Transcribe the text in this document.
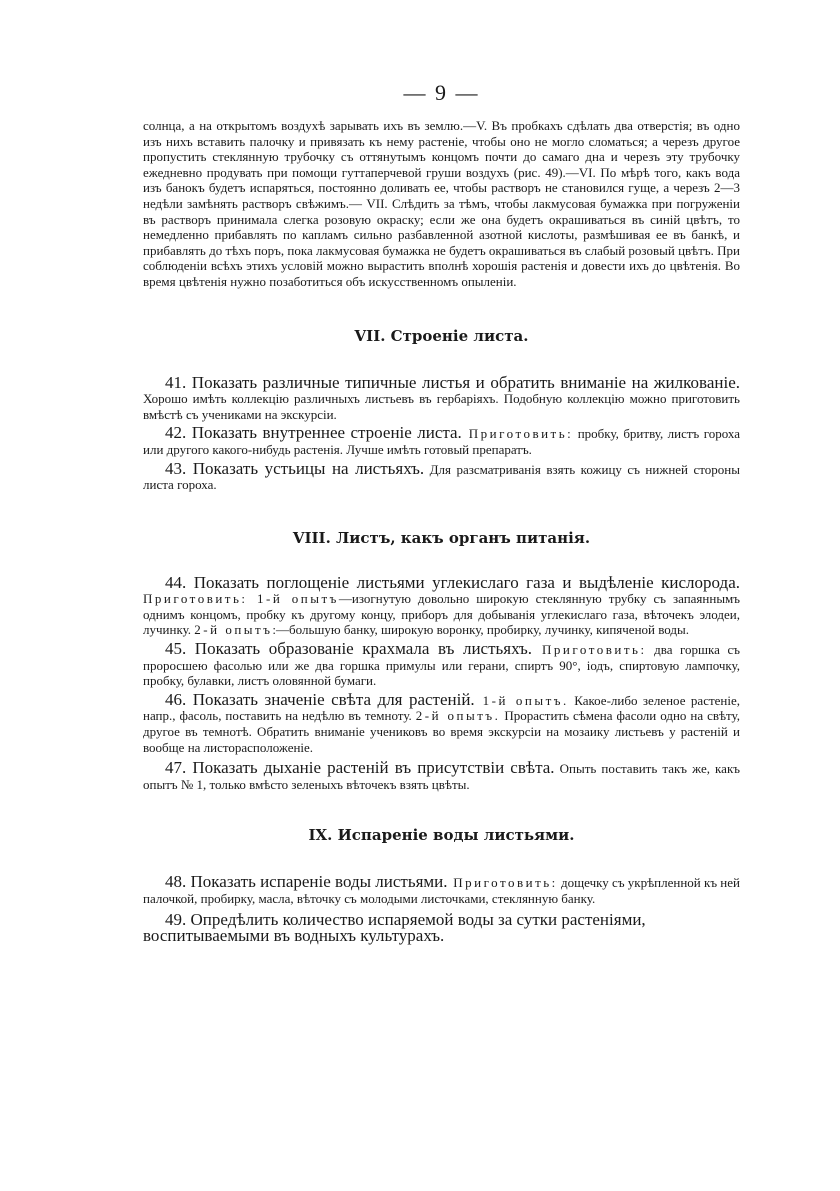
— 9 —

солнца, а на открытомъ воздухѣ зарывать ихъ въ землю.—V. Въ пробкахъ сдѣлать два отверстія; въ одно изъ нихъ вставить палочку и привязать къ нему растеніе, чтобы оно не могло сломаться; а черезъ другое пропустить стеклянную трубочку съ оттянутымъ концомъ почти до самаго дна и черезъ эту трубочку ежедневно продувать при помощи гуттаперчевой груши воздухъ (рис. 49).—VI. По мѣрѣ того, какъ вода изъ банокъ будетъ испаряться, постоянно доливать ее, чтобы растворъ не становился гуще, а черезъ 2—3 недѣли замѣнять растворъ свѣжимъ.— VII. Слѣдить за тѣмъ, чтобы лакмусовая бумажка при погруженіи въ растворъ принимала слегка розовую окраску; если же она будетъ окрашиваться въ синій цвѣтъ, то немедленно прибавлять по капламъ сильно разбавленной азотной кислоты, размѣшивая ее въ банкѣ, и прибавлять до тѣхъ поръ, пока лакмусовая бумажка не будетъ окрашиваться въ слабый розовый цвѣтъ. При соблюденіи всѣхъ этихъ условій можно вырастить вполнѣ хорошія растенія и довести ихъ до цвѣтенія. Во время цвѣтенія нужно позаботиться объ искусственномъ опыленіи.

VII. Строеніе листа.

41. Показать различные типичные листья и обратить вниманіе на жилкованіе. Хорошо имѣть коллекцію различныхъ листьевъ въ гербаріяхъ. Подобную коллекцію можно приготовить вмѣстѣ съ учениками на экскурсіи.

42. Показать внутреннее строеніе листа. Приготовить: пробку, бритву, листъ гороха или другого какого-нибудь растенія. Лучше имѣть готовый препаратъ.

43. Показать устьицы на листьяхъ. Для разсматриванія взять кожицу съ нижней стороны листа гороха.

VIII. Листъ, какъ органъ питанія.

44. Показать поглощеніе листьями углекислаго газа и выдѣленіе кислорода. Приготовить: 1-й опытъ—изогнутую довольно широкую стеклянную трубку съ запаяннымъ однимъ концомъ, пробку къ другому концу, приборъ для добыванія углекислаго газа, вѣточекъ элодеи, лучинку. 2-й опытъ:—большую банку, широкую воронку, пробирку, лучинку, кипяченой воды.

45. Показать образованіе крахмала въ листьяхъ. Приготовить: два горшка съ проросшею фасолью или же два горшка примулы или герани, спиртъ 90°, іодъ, спиртовую лампочку, пробку, булавки, листъ оловянной бумаги.

46. Показать значеніе свѣта для растеній. 1-й опытъ. Какое-либо зеленое растеніе, напр., фасоль, поставить на недѣлю въ темноту. 2-й опытъ. Прорастить сѣмена фасоли одно на свѣту, другое въ темнотѣ. Обратить вниманіе учениковъ во время экскурсіи на мозаику листьевъ у растеній и вообще на листорасположеніе.

47. Показать дыханіе растеній въ присутствіи свѣта. Опыть поставить такъ же, какъ опытъ № 1, только вмѣсто зеленыхъ вѣточекъ взять цвѣты.

IX. Испареніе воды листьями.

48. Показать испареніе воды листьями. Приготовить: дощечку съ укрѣпленной къ ней палочкой, пробирку, масла, вѣточку съ молодыми листочками, стеклянную банку.

49. Опредѣлить количество испаряемой воды за сутки растеніями, воспитываемыми въ водныхъ культурахъ.
